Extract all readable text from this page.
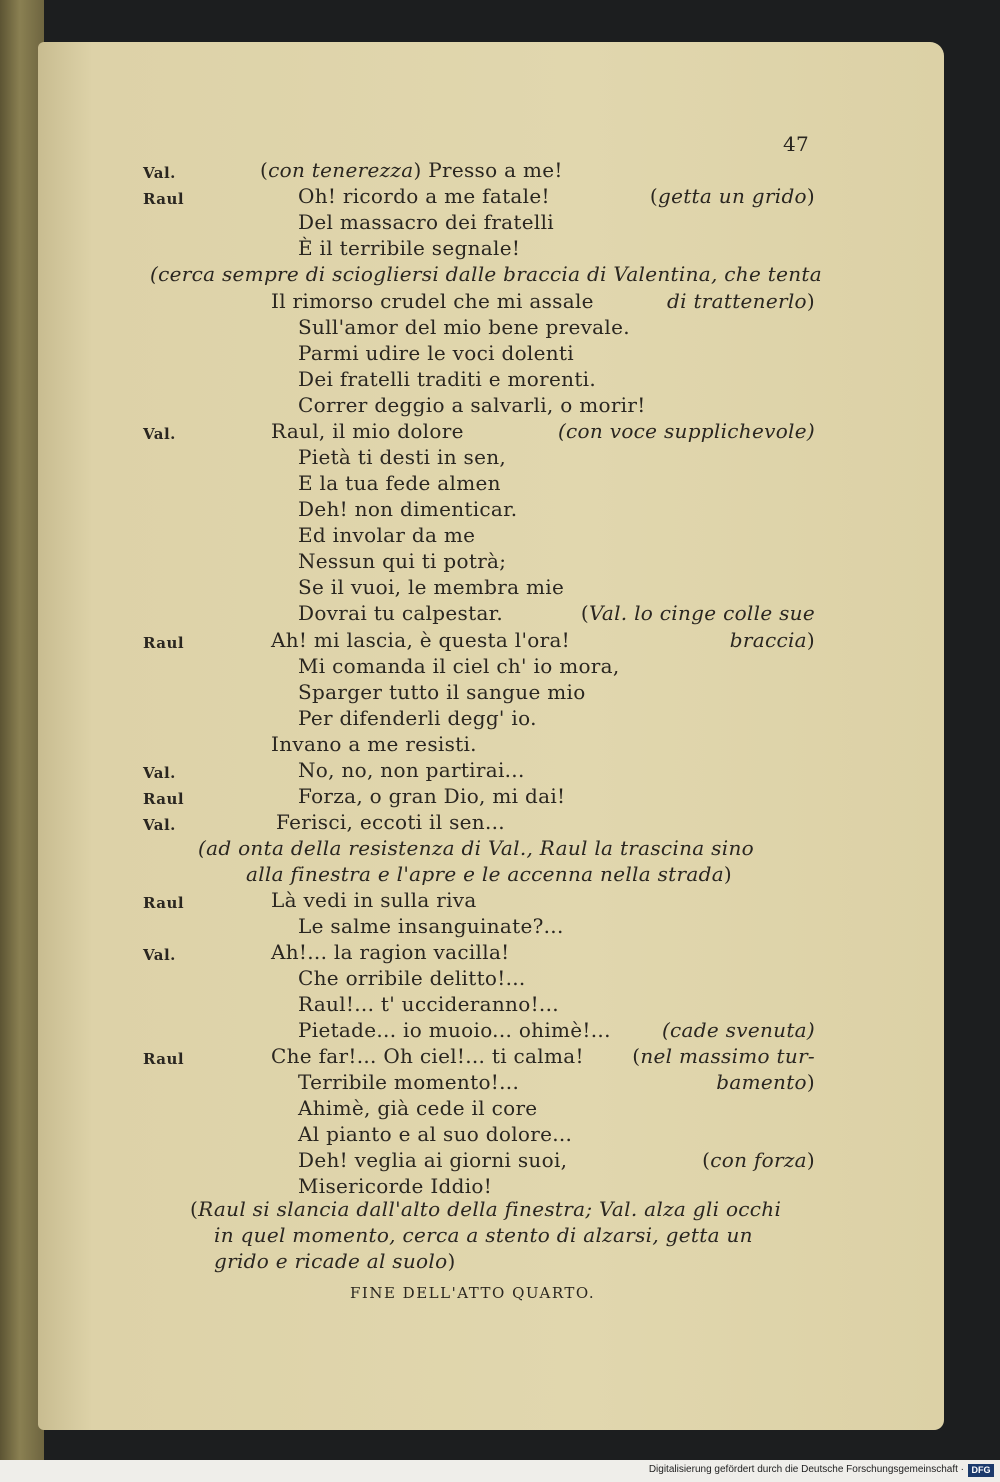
47
Val.	(con tenerezza) Presso a me!
Raul	Oh! ricordo a me fatale!	(getta un grido)
Del massacro dei fratelli
È il terribile segnale!
(cerca sempre di sciogliersi dalle braccia di Valentina, che tenta
Il rimorso crudel che mi assale	di trattenerlo)
Sull'amor del mio bene prevale.
Parmi udire le voci dolenti
Dei fratelli traditi e morenti.
Correr deggio a salvarli, o morir!
Val.	Raul, il mio dolore	(con voce supplichevole)
Pietà ti desti in sen,
E la tua fede almen
Deh! non dimenticar.
Ed involar da me
Nessun qui ti potrà;
Se il vuoi, le membra mie
Dovrai tu calpestar.	(Val. lo cinge colle sue
Raul	Ah! mi lascia, è questa l'ora!	braccia)
Mi comanda il ciel ch' io mora,
Sparger tutto il sangue mio
Per difenderli degg' io.
Invano a me resisti.
Val.	No, no, non partirai...
Raul	Forza, o gran Dio, mi dai!
Val.	Ferisci, eccoti il sen...
(ad onta della resistenza di Val., Raul la trascina sino
alla finestra e l'apre e le accenna nella strada)
Raul	Là vedi in sulla riva
Le salme insanguinate?...
Val.	Ah!... la ragion vacilla!
Che orribile delitto!...
Raul!... t' uccideranno!...
Pietade... io muoio... ohimè!...	(cade svenuta)
Raul	Che far!... Oh ciel!... ti calma! (nel massimo tur-
Terribile momento!...	bamento)
Ahimè, già cede il core
Al pianto e al suo dolore...
Deh! veglia ai giorni suoi,	(con forza)
Misericorde Iddio!
(Raul si slancia dall'alto della finestra; Val. alza gli occhi
in quel momento, cerca a stento di alzarsi, getta un
grido e ricade al suolo)
FINE DELL'ATTO QUARTO.
Digitalisierung gefördert durch die Deutsche Forschungsgemeinschaft · DFG
